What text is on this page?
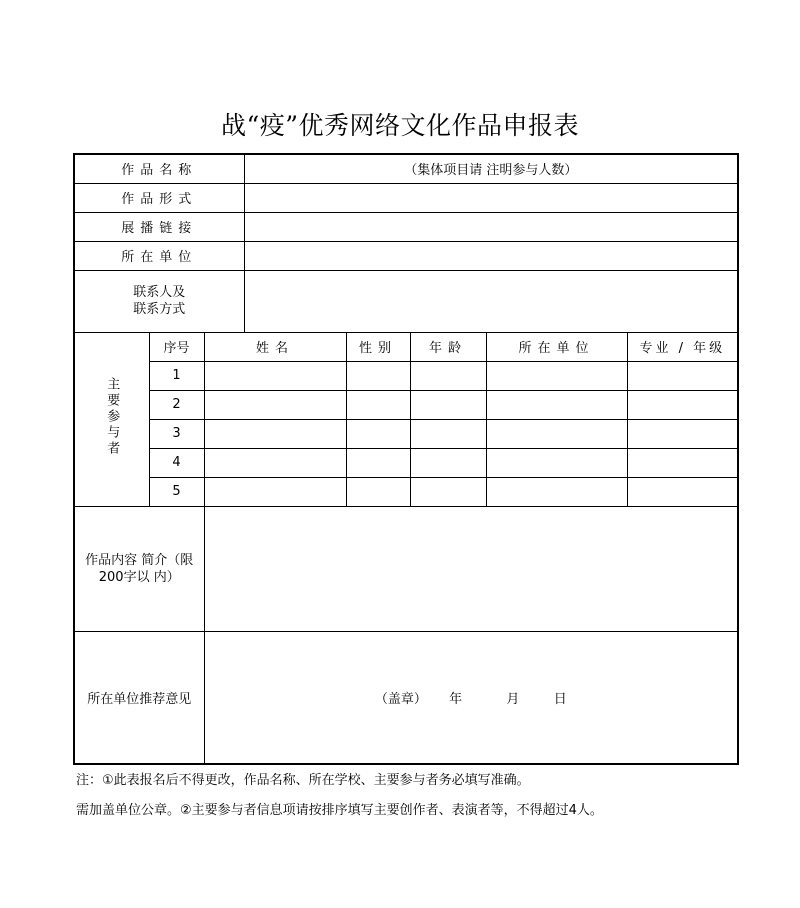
战“疫”优秀网络文化作品申报表
作品名称			（集体项目请 注明参与人数）				
作品形式							
展播链接							
所在单位							
联系人及
联系方式							
主要参与者	序号	姓名		性别	年龄	所在单位	专业 / 年级
	1						
	2						
	3						
	4						
	5						
作品内容 简介（限
200字以 内）							
所在单位推荐意见		（盖章） 年 月 日					
注：①此表报名后不得更改，作品名称、所在学校、主要参与者务必填写准确。
需加盖单位公章。②主要参与者信息项请按排序填写主要创作者、表演者等，不得超过4人。
